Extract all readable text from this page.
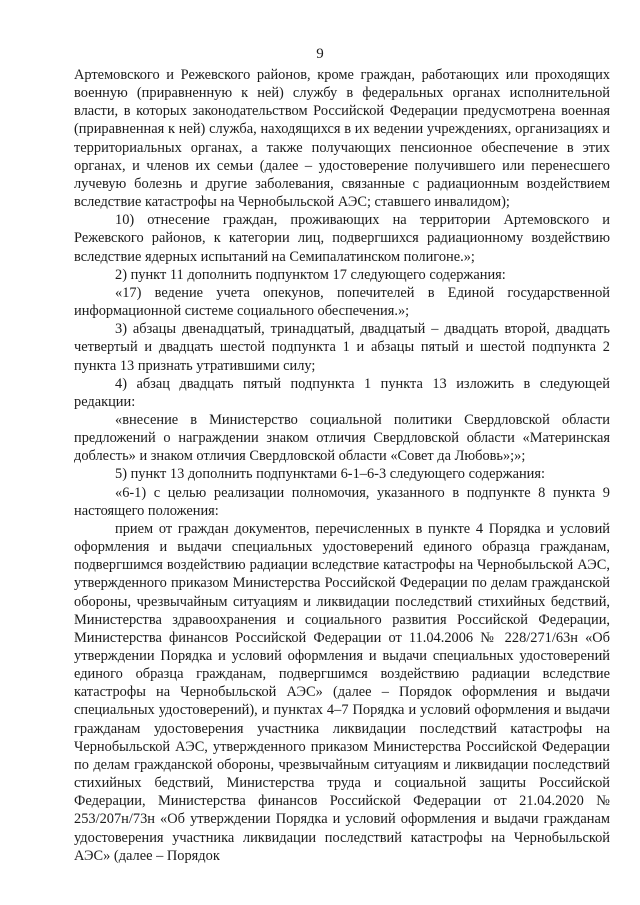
9

Артемовского и Режевского районов, кроме граждан, работающих или проходящих военную (приравненную к ней) службу в федеральных органах исполнительной власти, в которых законодательством Российской Федерации предусмотрена военная (приравненная к ней) служба, находящихся в их ведении учреждениях, организациях и территориальных органах, а также получающих пенсионное обеспечение в этих органах, и членов их семьи (далее – удостоверение получившего или перенесшего лучевую болезнь и другие заболевания, связанные с радиационным воздействием вследствие катастрофы на Чернобыльской АЭС; ставшего инвалидом);

10) отнесение граждан, проживающих на территории Артемовского и Режевского районов, к категории лиц, подвергшихся радиационному воздействию вследствие ядерных испытаний на Семипалатинском полигоне.»;

2) пункт 11 дополнить подпунктом 17 следующего содержания:

«17) ведение учета опекунов, попечителей в Единой государственной информационной системе социального обеспечения.»;

3) абзацы двенадцатый, тринадцатый, двадцатый – двадцать второй, двадцать четвертый и двадцать шестой подпункта 1 и абзацы пятый и шестой подпункта 2 пункта 13 признать утратившими силу;

4) абзац двадцать пятый подпункта 1 пункта 13 изложить в следующей редакции:

«внесение в Министерство социальной политики Свердловской области предложений о награждении знаком отличия Свердловской области «Материнская доблесть» и знаком отличия Свердловской области «Совет да Любовь»;»;

5) пункт 13 дополнить подпунктами 6-1–6-3 следующего содержания:

«6-1) с целью реализации полномочия, указанного в подпункте 8 пункта 9 настоящего положения:

прием от граждан документов, перечисленных в пункте 4 Порядка и условий оформления и выдачи специальных удостоверений единого образца гражданам, подвергшимся воздействию радиации вследствие катастрофы на Чернобыльской АЭС, утвержденного приказом Министерства Российской Федерации по делам гражданской обороны, чрезвычайным ситуациям и ликвидации последствий стихийных бедствий, Министерства здравоохранения и социального развития Российской Федерации, Министерства финансов Российской Федерации от 11.04.2006 № 228/271/63н «Об утверждении Порядка и условий оформления и выдачи специальных удостоверений единого образца гражданам, подвергшимся воздействию радиации вследствие катастрофы на Чернобыльской АЭС» (далее – Порядок оформления и выдачи специальных удостоверений), и пунктах 4–7 Порядка и условий оформления и выдачи гражданам удостоверения участника ликвидации последствий катастрофы на Чернобыльской АЭС, утвержденного приказом Министерства Российской Федерации по делам гражданской обороны, чрезвычайным ситуациям и ликвидации последствий стихийных бедствий, Министерства труда и социальной защиты Российской Федерации, Министерства финансов Российской Федерации от 21.04.2020 № 253/207н/73н «Об утверждении Порядка и условий оформления и выдачи гражданам удостоверения участника ликвидации последствий катастрофы на Чернобыльской АЭС» (далее – Порядок
